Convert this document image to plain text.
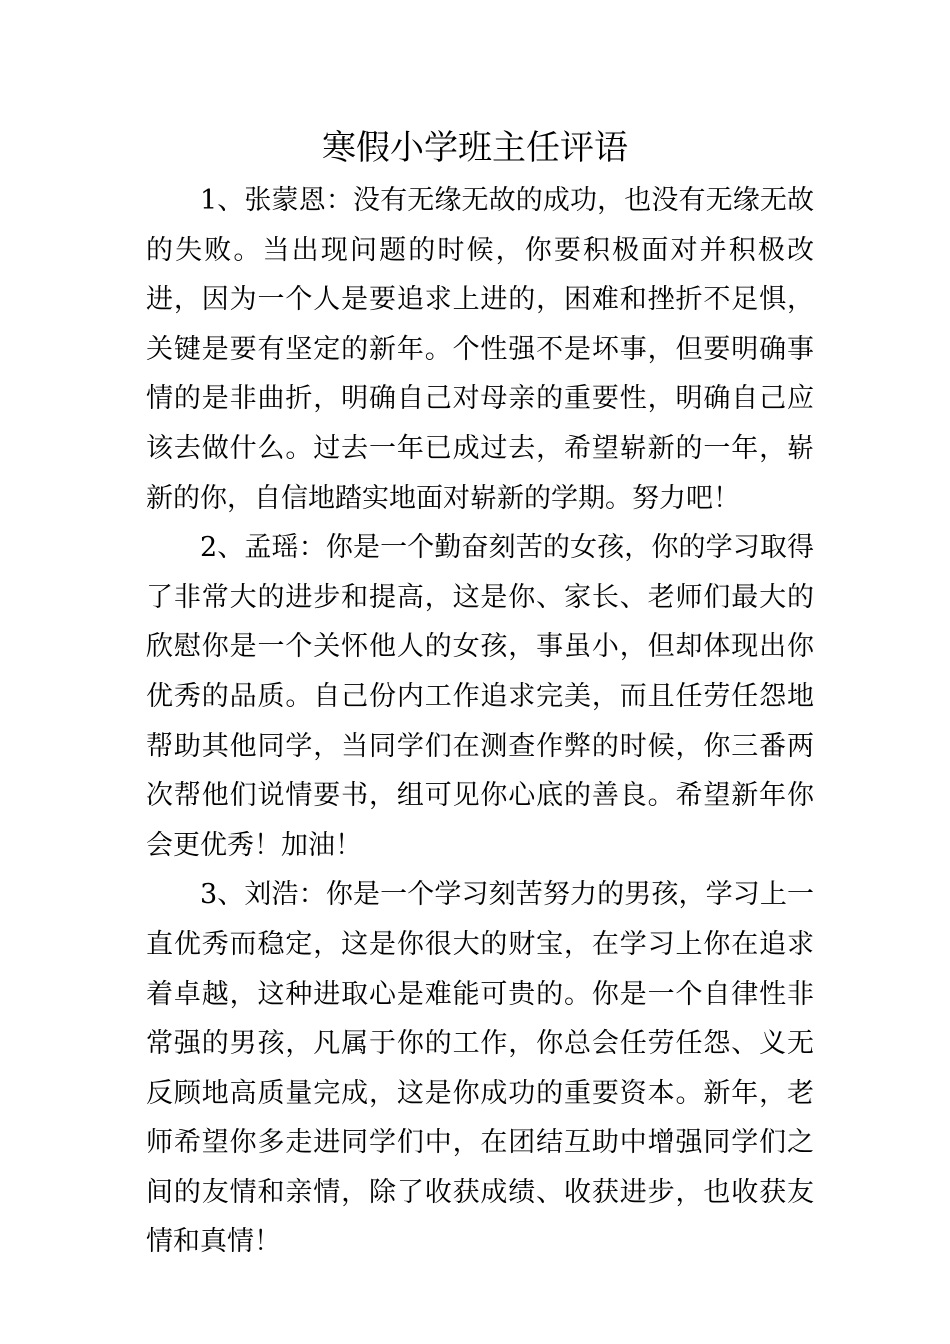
寒假小学班主任评语

1、张蒙恩：没有无缘无故的成功，也没有无缘无故的失败。当出现问题的时候，你要积极面对并积极改进，因为一个人是要追求上进的，困难和挫折不足惧，关键是要有坚定的新年。个性强不是坏事，但要明确事情的是非曲折，明确自己对母亲的重要性，明确自己应该去做什么。过去一年已成过去，希望崭新的一年，崭新的你，自信地踏实地面对崭新的学期。努力吧！

2、孟瑶：你是一个勤奋刻苦的女孩，你的学习取得了非常大的进步和提高，这是你、家长、老师们最大的欣慰你是一个关怀他人的女孩，事虽小，但却体现出你优秀的品质。自己份内工作追求完美，而且任劳任怨地帮助其他同学，当同学们在测查作弊的时候，你三番两次帮他们说情要书，组可见你心底的善良。希望新年你会更优秀！加油！

3、刘浩：你是一个学习刻苦努力的男孩，学习上一直优秀而稳定，这是你很大的财宝，在学习上你在追求着卓越，这种进取心是难能可贵的。你是一个自律性非常强的男孩，凡属于你的工作，你总会任劳任怨、义无反顾地高质量完成，这是你成功的重要资本。新年，老师希望你多走进同学们中，在团结互助中增强同学们之间的友情和亲情，除了收获成绩、收获进步，也收获友情和真情！
